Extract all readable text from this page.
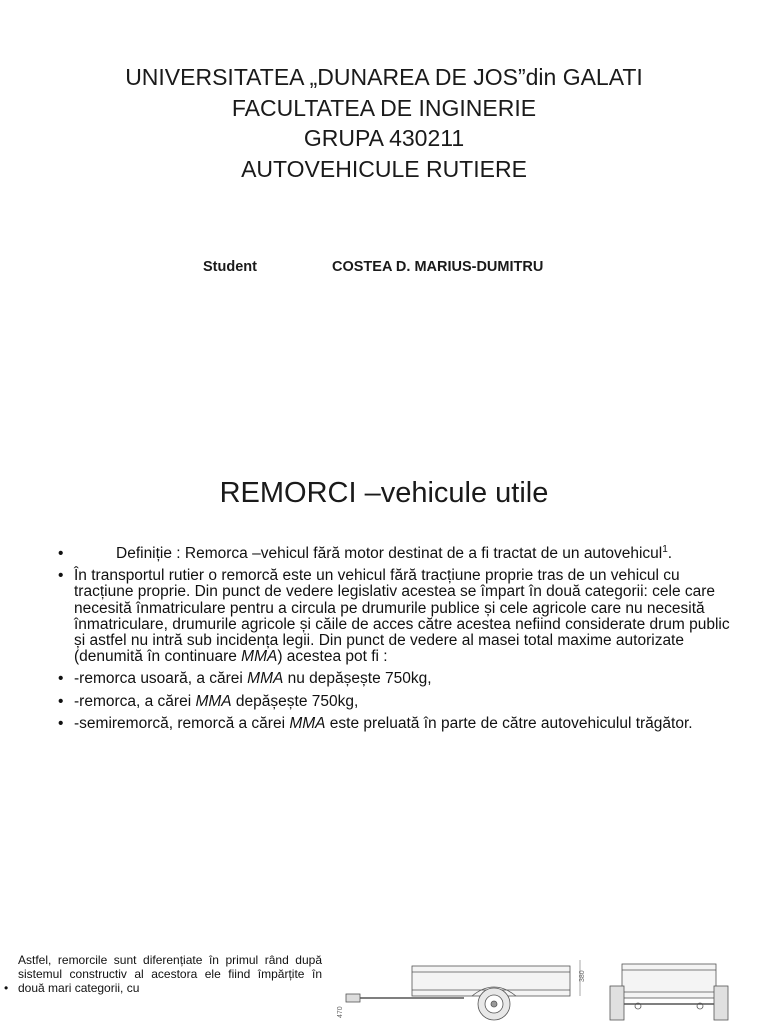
UNIVERSITATEA „DUNAREA DE JOS”din GALATI
FACULTATEA DE INGINERIE
GRUPA 430211
AUTOVEHICULE RUTIERE
Student	COSTEA D. MARIUS-DUMITRU
REMORCI –vehicule utile
•	Definiție : Remorca –vehicul fără motor destinat de a fi tractat de un autovehicul$^1$.
• În transportul rutier o remorcă este un vehicul fără tracțiune proprie tras de un vehicul cu tracțiune proprie. Din punct de vedere legislativ acestea se împart în două categorii: cele care necesită înmatriculare pentru a circula pe drumurile publice și cele agricole care nu necesită înmatriculare, drumurile agricole și căile de acces către acestea nefiind considerate drum public și astfel nu intră sub incidența legii. Din punct de vedere al masei total maxime autorizate (denumită în continuare MMA) acestea pot fi :
• -remorca usoară, a cărei MMA nu depășește 750kg,
• -remorca, a cărei MMA depășește 750kg,
• -semiremorcă, remorcă a cărei MMA este preluată în parte de către autovehiculul trăgător.
•
Astfel, remorcile sunt diferențiate în primul rând după sistemul constructiv al acestora ele fiind împărțite în două mari categorii, cu
380
470
